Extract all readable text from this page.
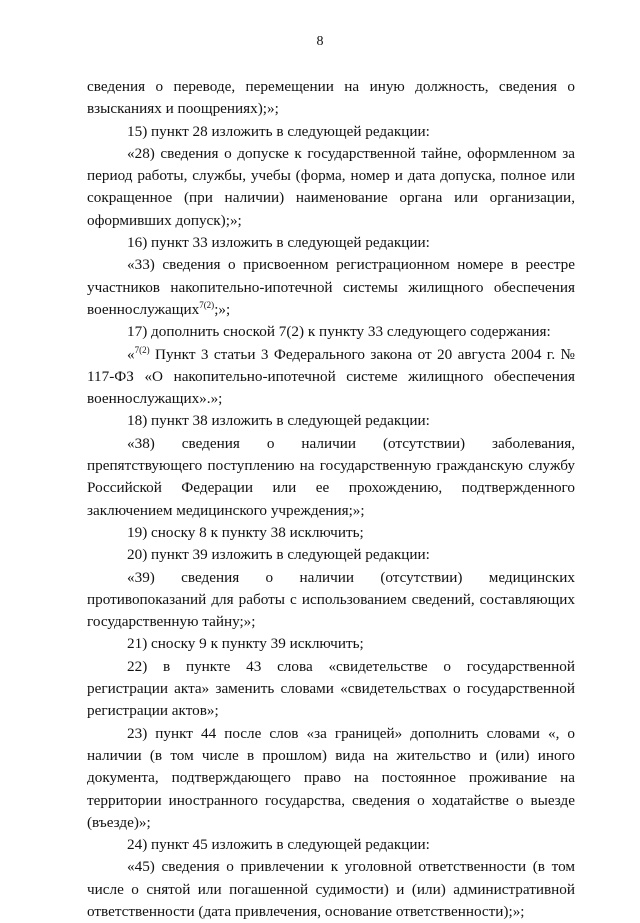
8

сведения о переводе, перемещении на иную должность, сведения о взысканиях и поощрениях);»;

15) пункт 28 изложить в следующей редакции:

«28) сведения о допуске к государственной тайне, оформленном за период работы, службы, учебы (форма, номер и дата допуска, полное или сокращенное (при наличии) наименование органа или организации, оформивших допуск);»;

16) пункт 33 изложить в следующей редакции:

«33) сведения о присвоенном регистрационном номере в реестре участников накопительно-ипотечной системы жилищного обеспечения военнослужащих$^{7(2)}$;»;

17) дополнить сноской 7(2) к пункту 33 следующего содержания:

«$^{7(2)}$ Пункт 3 статьи 3 Федерального закона от 20 августа 2004 г. № 117-ФЗ «О накопительно-ипотечной системе жилищного обеспечения военнослужащих».»;

18) пункт 38 изложить в следующей редакции:

«38) сведения о наличии (отсутствии) заболевания, препятствующего поступлению на государственную гражданскую службу Российской Федерации или ее прохождению, подтвержденного заключением медицинского учреждения;»;

19) сноску 8 к пункту 38 исключить;

20) пункт 39 изложить в следующей редакции:

«39) сведения о наличии (отсутствии) медицинских противопоказаний для работы с использованием сведений, составляющих государственную тайну;»;

21) сноску 9 к пункту 39 исключить;

22) в пункте 43 слова «свидетельстве о государственной регистрации акта» заменить словами «свидетельствах о государственной регистрации актов»;

23) пункт 44 после слов «за границей» дополнить словами «, о наличии (в том числе в прошлом) вида на жительство и (или) иного документа, подтверждающего право на постоянное проживание на территории иностранного государства, сведения о ходатайстве о выезде (въезде)»;

24) пункт 45 изложить в следующей редакции:

«45) сведения о привлечении к уголовной ответственности (в том числе о снятой или погашенной судимости) и (или) административной ответственности (дата привлечения, основание ответственности);»;
